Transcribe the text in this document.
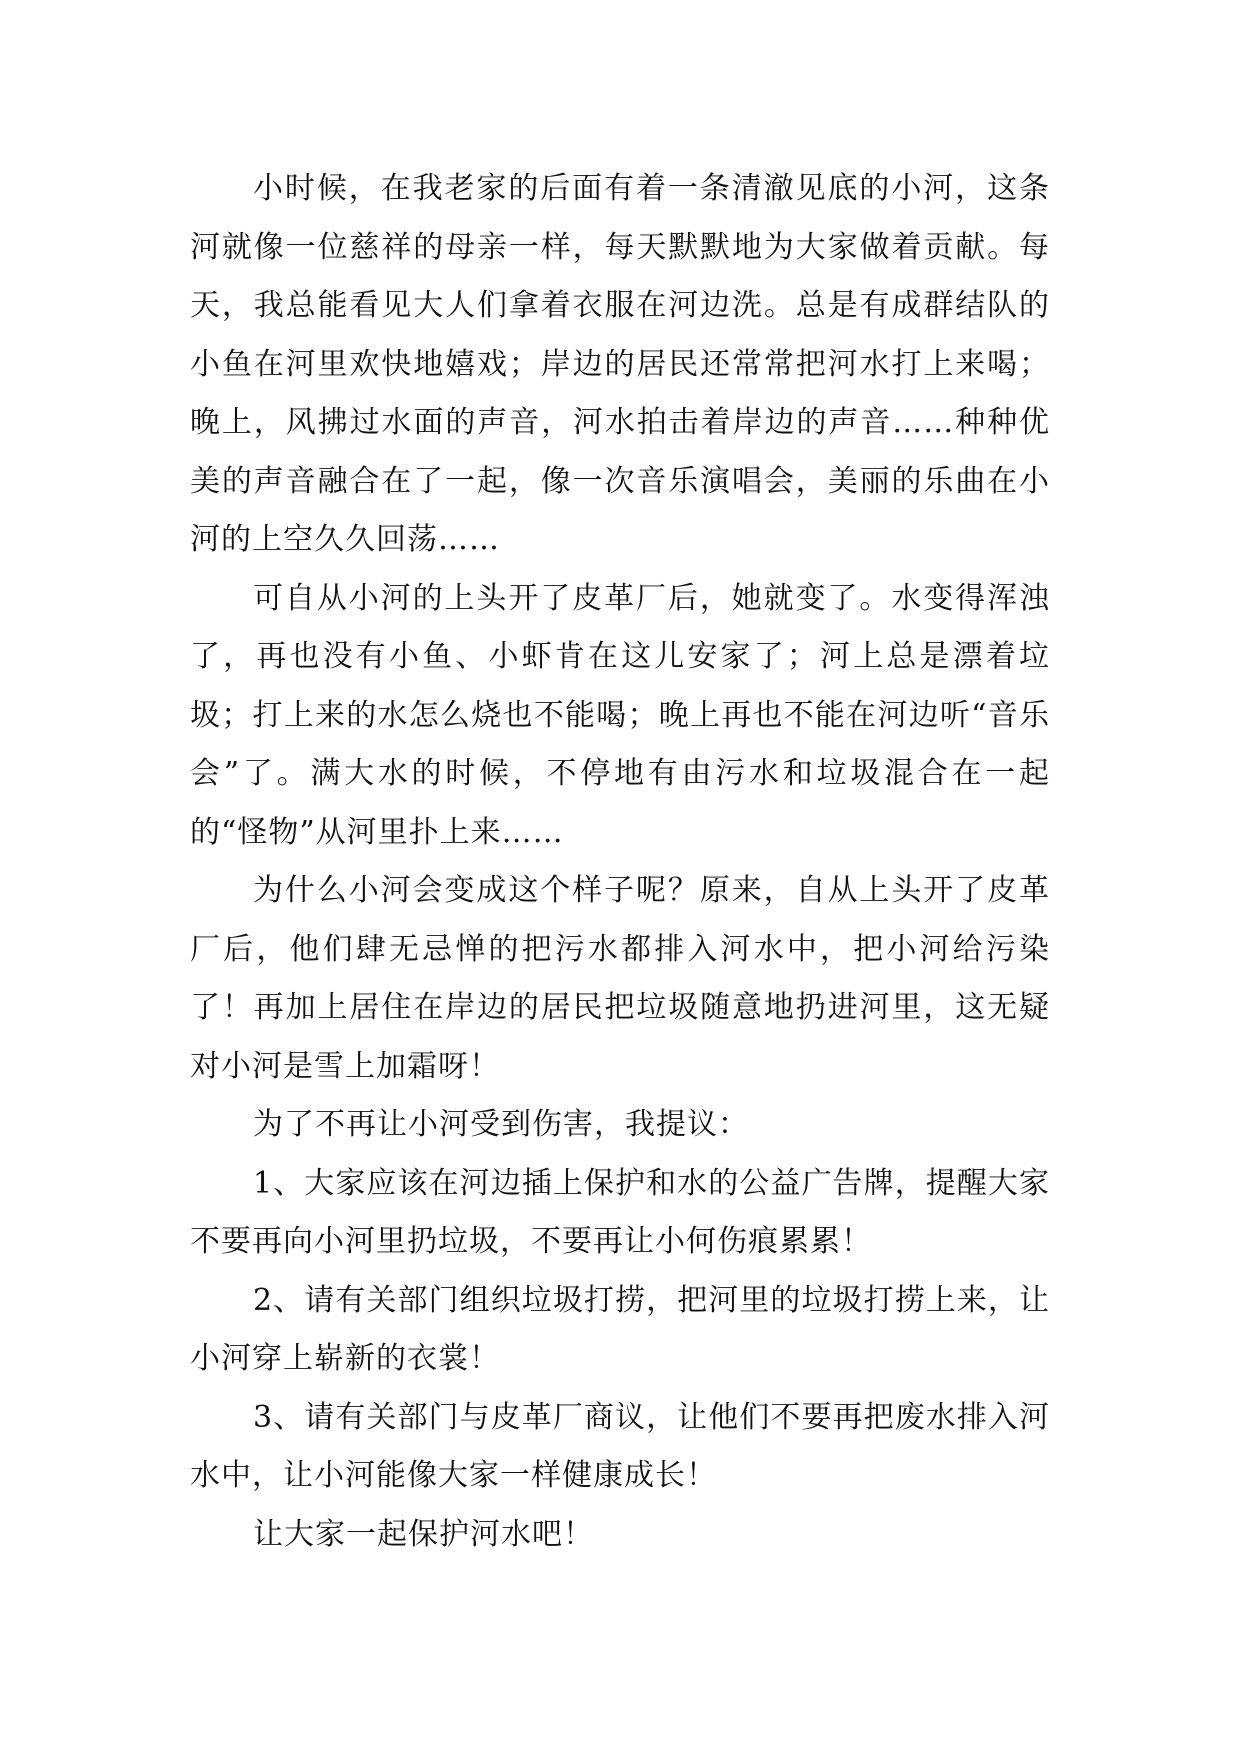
小时候，在我老家的后面有着一条清澈见底的小河，这条河就像一位慈祥的母亲一样，每天默默地为大家做着贡献。每天，我总能看见大人们拿着衣服在河边洗。总是有成群结队的小鱼在河里欢快地嬉戏；岸边的居民还常常把河水打上来喝；晚上，风拂过水面的声音，河水拍击着岸边的声音……种种优美的声音融合在了一起，像一次音乐演唱会，美丽的乐曲在小河的上空久久回荡……

可自从小河的上头开了皮革厂后，她就变了。水变得浑浊了，再也没有小鱼、小虾肯在这儿安家了；河上总是漂着垃圾；打上来的水怎么烧也不能喝；晚上再也不能在河边听“音乐会”了。满大水的时候，不停地有由污水和垃圾混合在一起的“怪物”从河里扑上来……

为什么小河会变成这个样子呢？原来，自从上头开了皮革厂后，他们肆无忌惮的把污水都排入河水中，把小河给污染了！再加上居住在岸边的居民把垃圾随意地扔进河里，这无疑对小河是雪上加霜呀！

为了不再让小河受到伤害，我提议：

1、大家应该在河边插上保护和水的公益广告牌，提醒大家不要再向小河里扔垃圾，不要再让小何伤痕累累！

2、请有关部门组织垃圾打捞，把河里的垃圾打捞上来，让小河穿上崭新的衣裳！

3、请有关部门与皮革厂商议，让他们不要再把废水排入河水中，让小河能像大家一样健康成长！

让大家一起保护河水吧！
